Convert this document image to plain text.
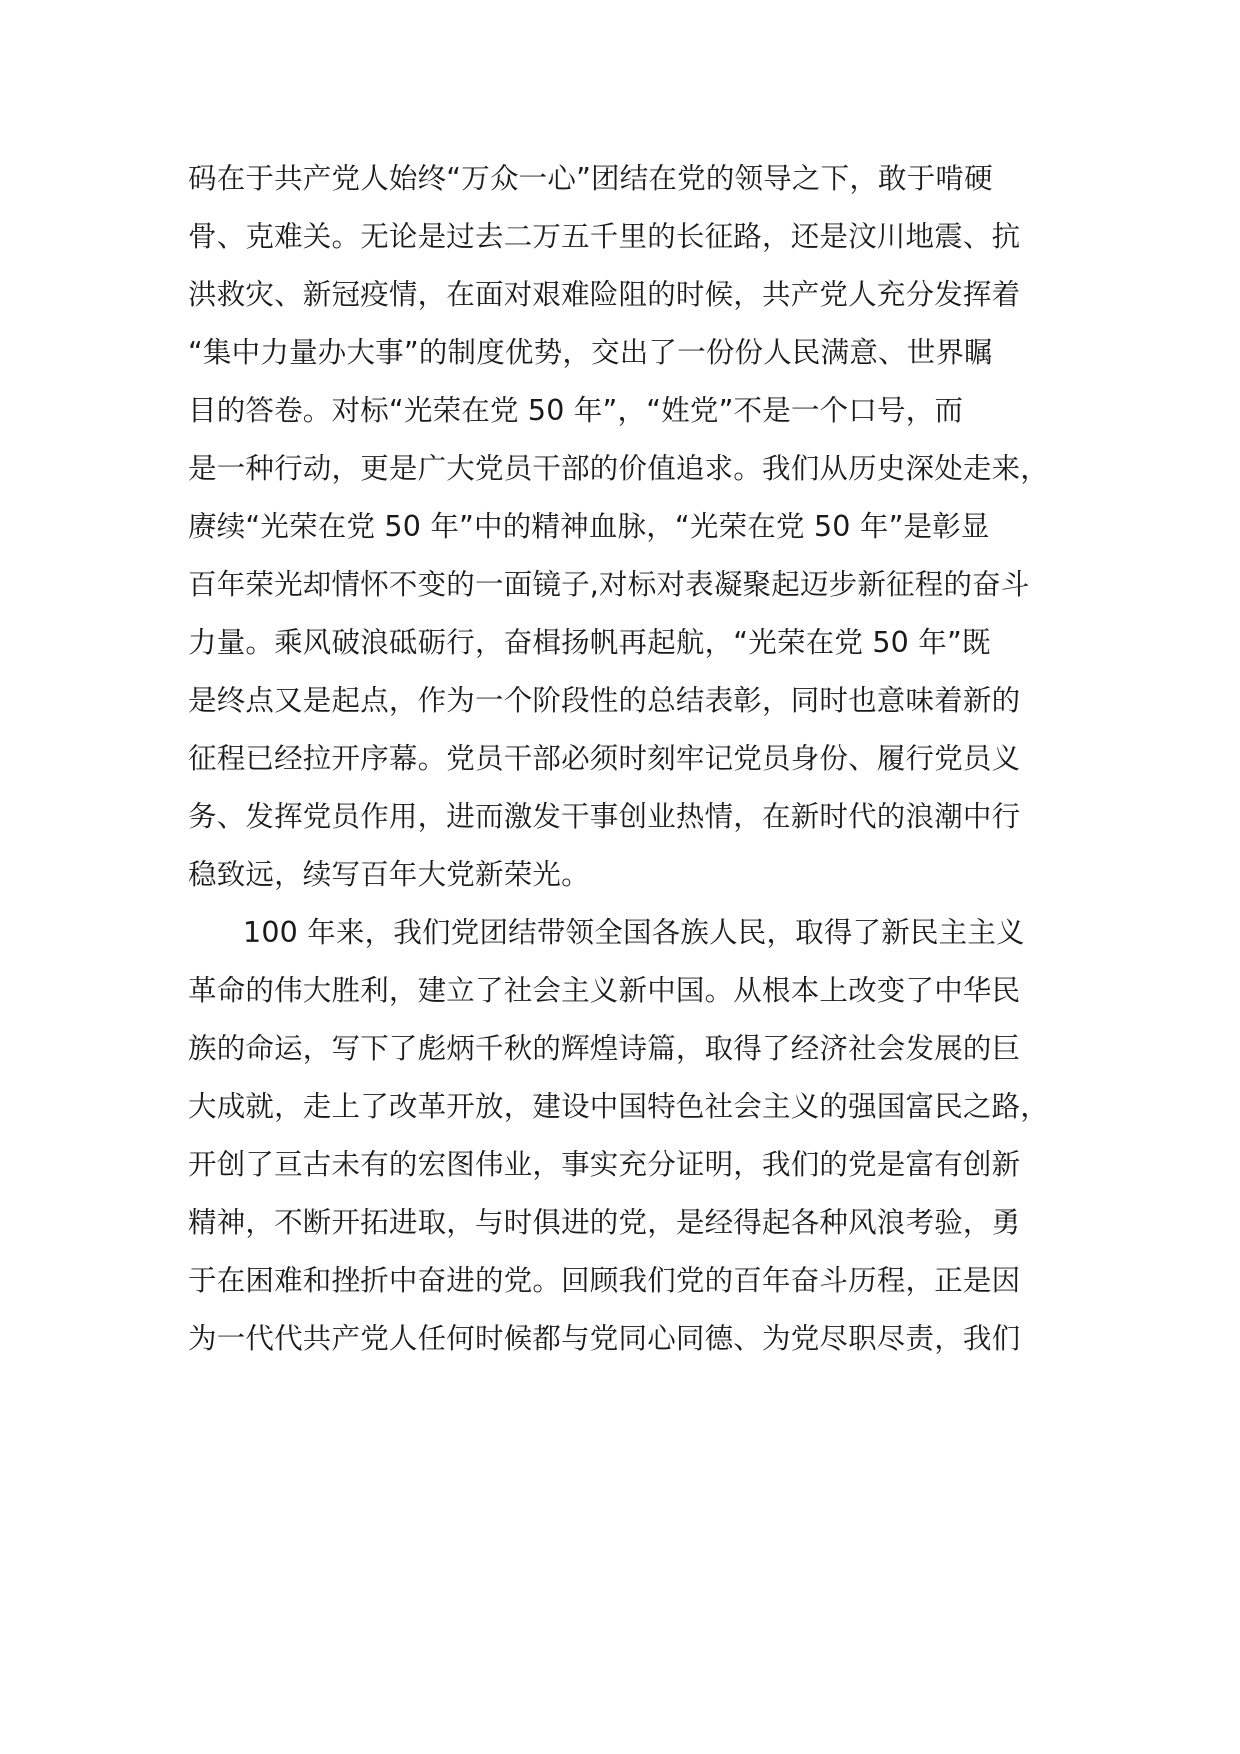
码在于共产党人始终“万众一心”团结在党的领导之下，敢于啃硬
骨、克难关。无论是过去二万五千里的长征路，还是汶川地震、抗
洪救灾、新冠疫情，在面对艰难险阻的时候，共产党人充分发挥着
“集中力量办大事”的制度优势，交出了一份份人民满意、世界瞩
目的答卷。对标“光荣在党 50 年”，“姓党”不是一个口号，而
是一种行动，更是广大党员干部的价值追求。我们从历史深处走来，
赓续“光荣在党 50 年”中的精神血脉，“光荣在党 50 年”是彰显
百年荣光却情怀不变的一面镜子,对标对表凝聚起迈步新征程的奋斗
力量。乘风破浪砥砺行，奋楫扬帆再起航，“光荣在党 50 年”既
是终点又是起点，作为一个阶段性的总结表彰，同时也意味着新的
征程已经拉开序幕。党员干部必须时刻牢记党员身份、履行党员义
务、发挥党员作用，进而激发干事创业热情，在新时代的浪潮中行
稳致远，续写百年大党新荣光。
100 年来，我们党团结带领全国各族人民，取得了新民主主义
革命的伟大胜利，建立了社会主义新中国。从根本上改变了中华民
族的命运，写下了彪炳千秋的辉煌诗篇，取得了经济社会发展的巨
大成就，走上了改革开放，建设中国特色社会主义的强国富民之路，
开创了亘古未有的宏图伟业，事实充分证明，我们的党是富有创新
精神，不断开拓进取，与时俱进的党，是经得起各种风浪考验，勇
于在困难和挫折中奋进的党。回顾我们党的百年奋斗历程，正是因
为一代代共产党人任何时候都与党同心同德、为党尽职尽责，我们
